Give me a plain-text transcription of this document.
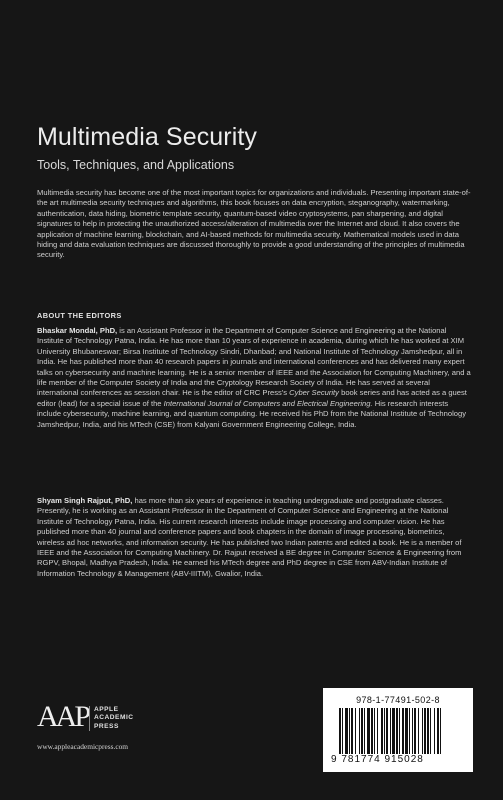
Multimedia Security
Tools, Techniques, and Applications

Multimedia security has become one of the most important topics for organizations and individuals. Presenting important state-of-the art multimedia security techniques and algorithms, this book focuses on data encryption, steganography, watermarking, authentication, data hiding, biometric template security, quantum-based video cryptosystems, pan sharpening, and digital signatures to help in protecting the unauthorized access/alteration of multimedia over the Internet and cloud. It also covers the application of machine learning, blockchain, and AI-based methods for multimedia security. Mathematical models used in data hiding and data evaluation techniques are discussed thoroughly to provide a good understanding of the principles of multimedia security.

ABOUT THE EDITORS

Bhaskar Mondal, PhD, is an Assistant Professor in the Department of Computer Science and Engineering at the National Institute of Technology Patna, India. He has more than 10 years of experience in academia, during which he has worked at XIM University Bhubaneswar; Birsa Institute of Technology Sindri, Dhanbad; and National Institute of Technology Jamshedpur, all in India. He has published more than 40 research papers in journals and international conferences and has delivered many expert talks on cybersecurity and machine learning. He is a senior member of IEEE and the Association for Computing Machinery, and a life member of the Computer Society of India and the Cryptology Research Society of India. He has served at several international conferences as session chair. He is the editor of CRC Press's Cyber Security book series and has acted as a guest editor (lead) for a special issue of the International Journal of Computers and Electrical Engineering. His research interests include cybersecurity, machine learning, and quantum computing. He received his PhD from the National Institute of Technology Jamshedpur, India, and his MTech (CSE) from Kalyani Government Engineering College, India.

Shyam Singh Rajput, PhD, has more than six years of experience in teaching undergraduate and postgraduate classes. Presently, he is working as an Assistant Professor in the Department of Computer Science and Engineering at the National Institute of Technology Patna, India. His current research interests include image processing and computer vision. He has published more than 40 journal and conference papers and book chapters in the domain of image processing, biometrics, wireless ad hoc networks, and information security. He has published two Indian patents and edited a book. He is a member of IEEE and the Association for Computing Machinery. Dr. Rajput received a BE degree in Computer Science & Engineering from RGPV, Bhopal, Madhya Pradesh, India. He earned his MTech degree and PhD degree in CSE from ABV-Indian Institute of Information Technology & Management (ABV-IIITM), Gwalior, India.

AAP APPLE
ACADEMIC
PRESS
www.appleacademicpress.com
978-1-77491-502-8
9 781774 915028
